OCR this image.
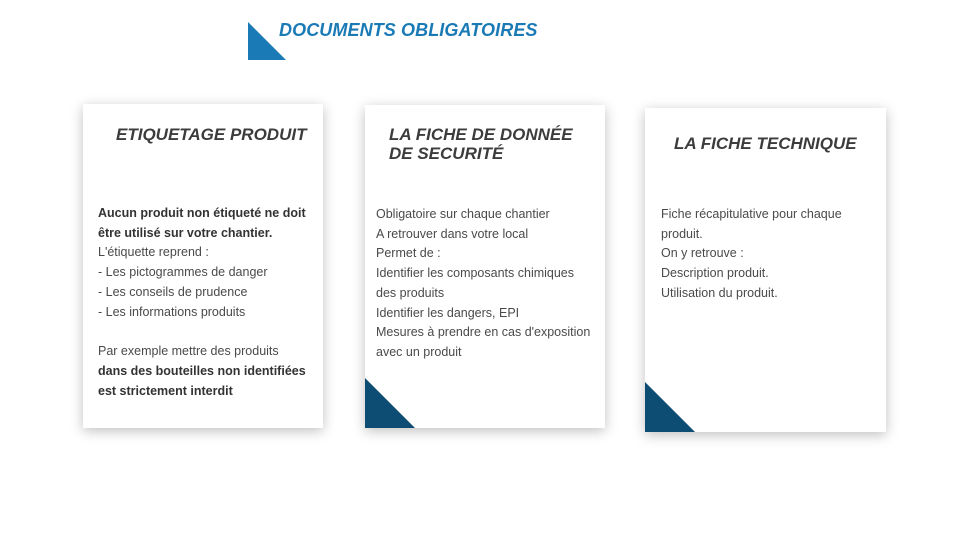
DOCUMENTS OBLIGATOIRES
ETIQUETAGE PRODUIT
Aucun produit non étiqueté ne doit
être utilisé sur votre chantier.
L'étiquette reprend :
- Les pictogrammes de danger
- Les conseils de prudence
- Les informations produits
Par exemple mettre des produits
dans des bouteilles non identifiées
est strictement interdit
LA FICHE DE DONNÉE DE SECURITÉ
Obligatoire sur chaque chantier
A retrouver dans votre local
Permet de :
Identifier les composants chimiques
des produits
Identifier les dangers, EPI
Mesures à prendre en cas d'exposition
avec un produit
LA FICHE TECHNIQUE
Fiche récapitulative pour chaque
produit.
On y retrouve :
Description produit.
Utilisation du produit.
